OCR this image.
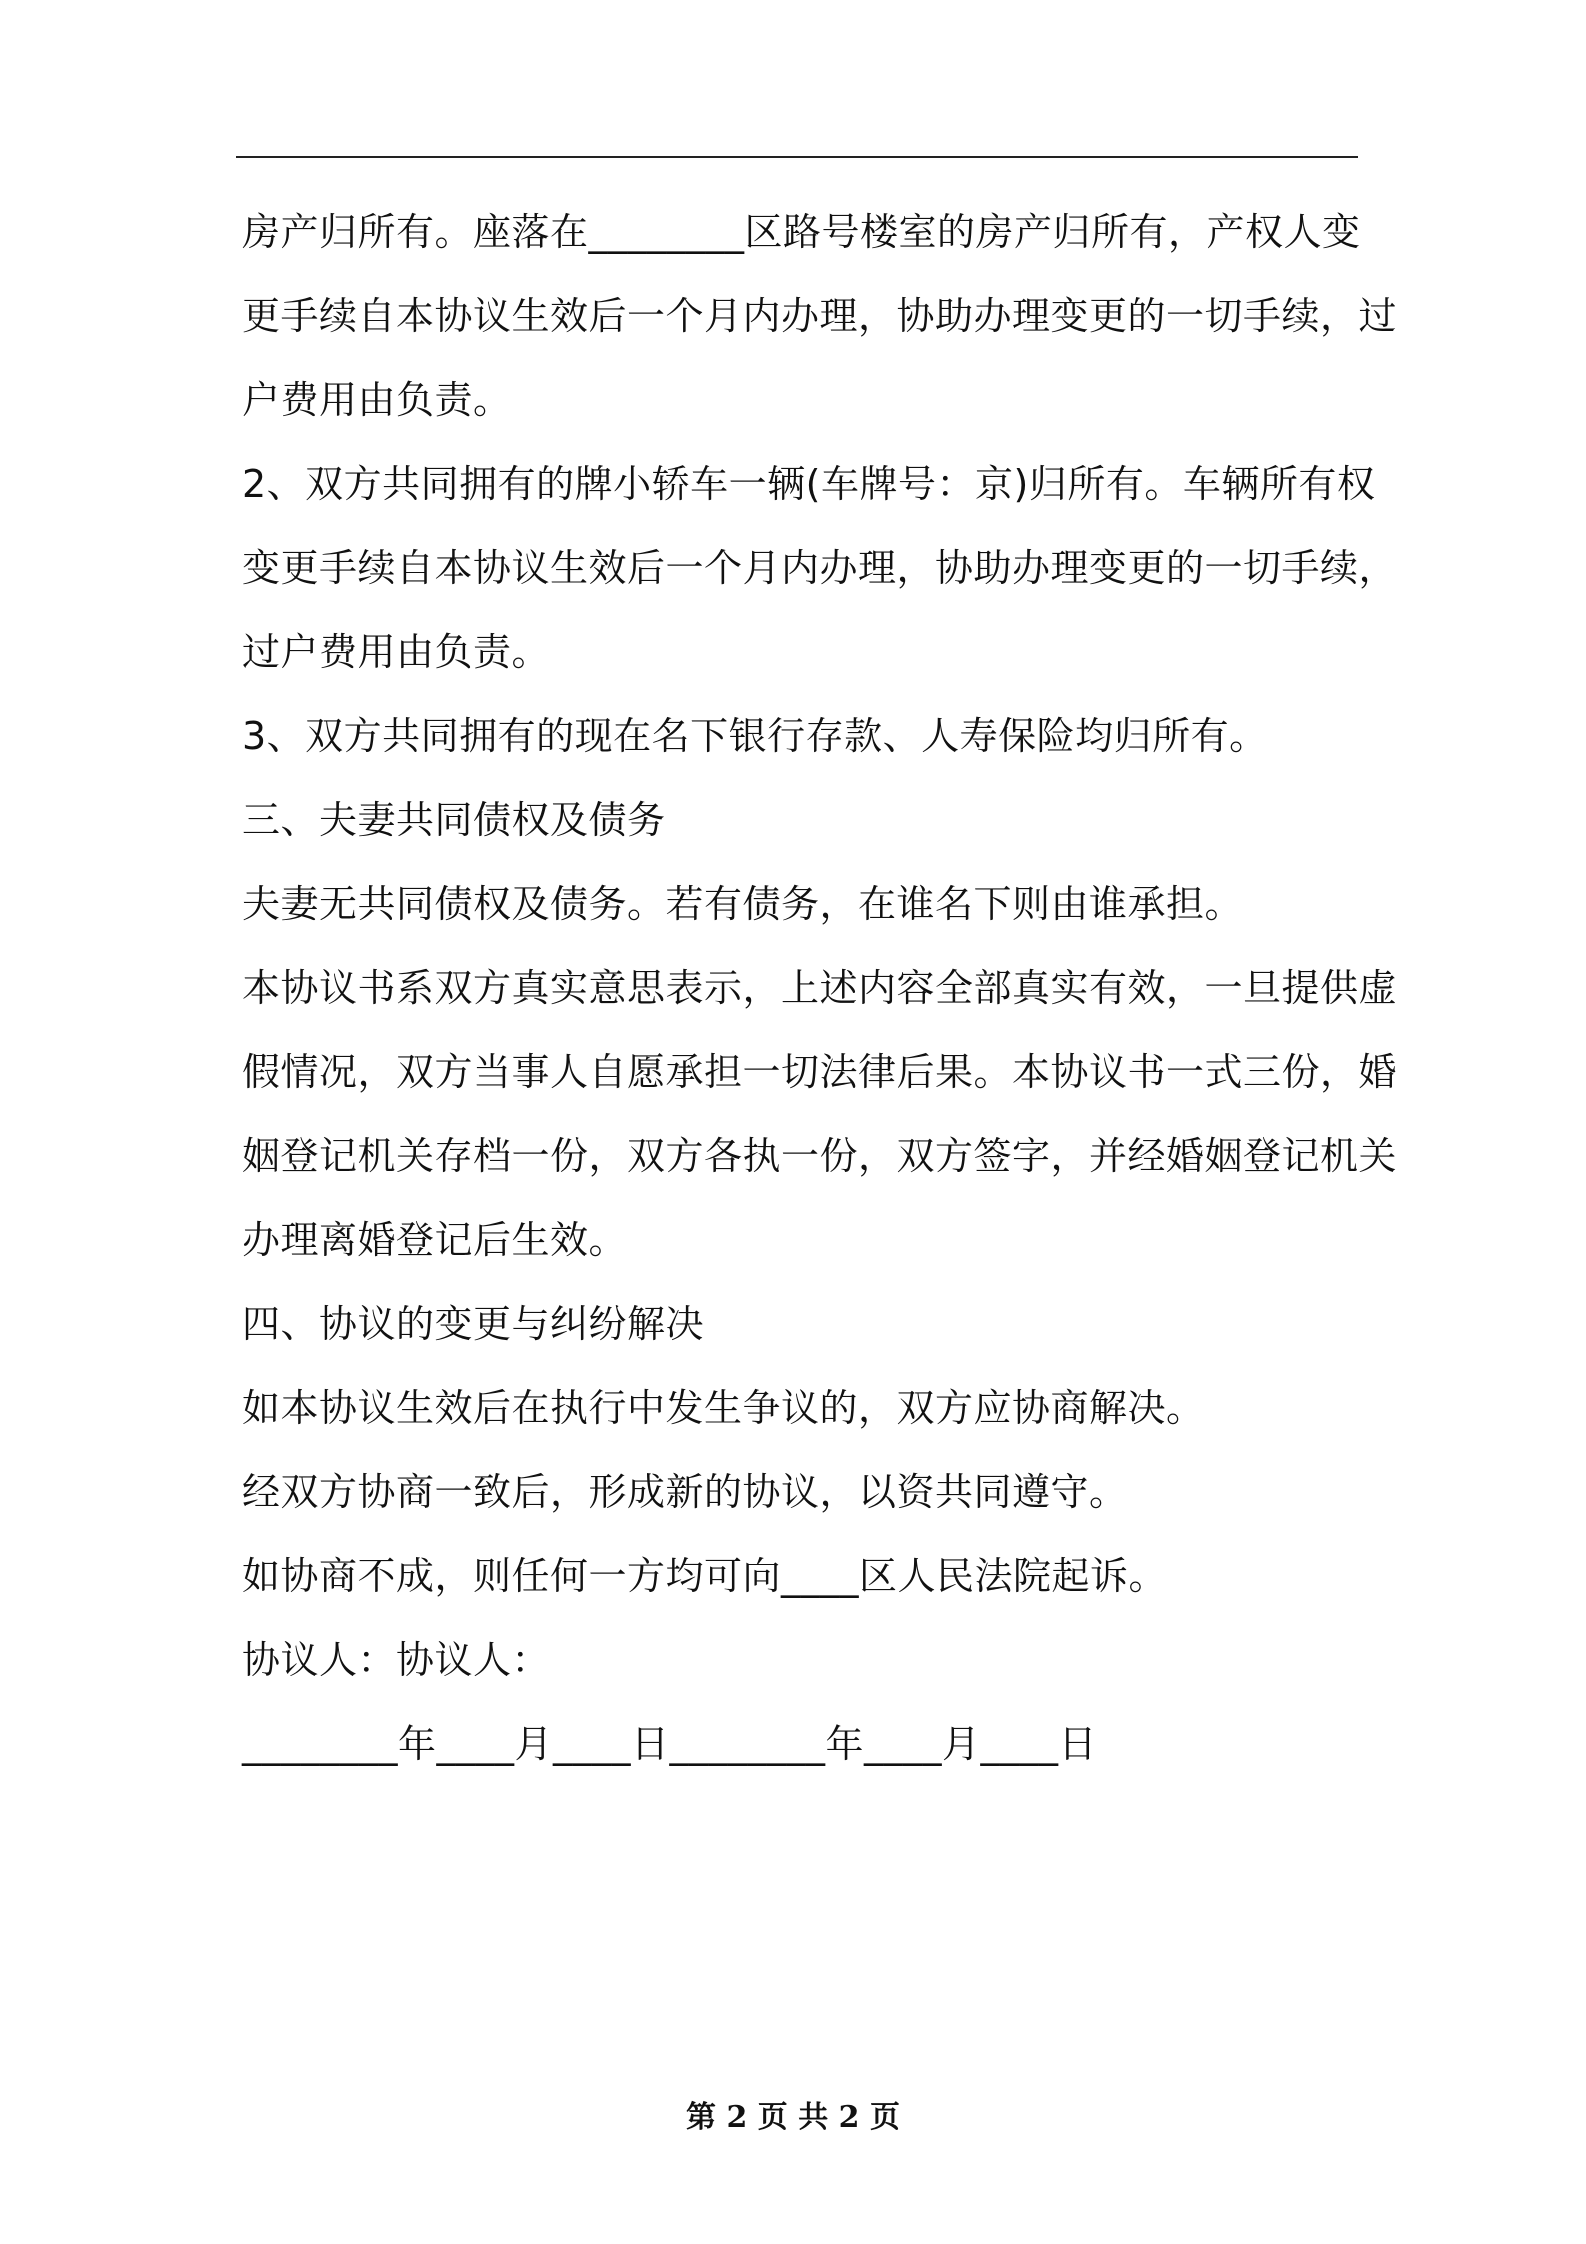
房产归所有。座落在________区路号楼室的房产归所有，产权人变
更手续自本协议生效后一个月内办理，协助办理变更的一切手续，过
户费用由负责。
2、双方共同拥有的牌小轿车一辆(车牌号：京)归所有。车辆所有权
变更手续自本协议生效后一个月内办理，协助办理变更的一切手续，
过户费用由负责。
3、双方共同拥有的现在名下银行存款、人寿保险均归所有。
三、夫妻共同债权及债务
夫妻无共同债权及债务。若有债务，在谁名下则由谁承担。
本协议书系双方真实意思表示，上述内容全部真实有效，一旦提供虚
假情况，双方当事人自愿承担一切法律后果。本协议书一式三份，婚
姻登记机关存档一份，双方各执一份，双方签字，并经婚姻登记机关
办理离婚登记后生效。
四、协议的变更与纠纷解决
如本协议生效后在执行中发生争议的，双方应协商解决。
经双方协商一致后，形成新的协议，以资共同遵守。
如协商不成，则任何一方均可向____区人民法院起诉。
协议人：协议人：
________年____月____日________年____月____日
第 2 页 共 2 页
